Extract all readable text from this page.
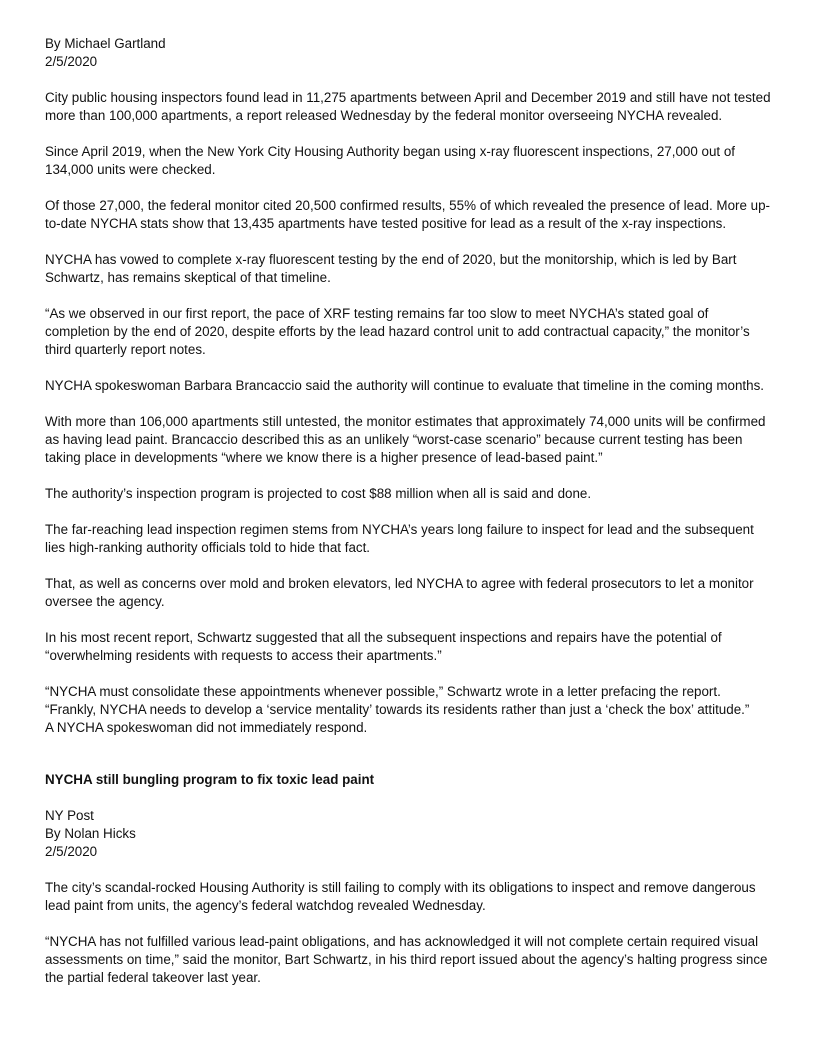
By Michael Gartland
2/5/2020

City public housing inspectors found lead in 11,275 apartments between April and December 2019 and still have not tested more than 100,000 apartments, a report released Wednesday by the federal monitor overseeing NYCHA revealed.

Since April 2019, when the New York City Housing Authority began using x-ray fluorescent inspections, 27,000 out of 134,000 units were checked.

Of those 27,000, the federal monitor cited 20,500 confirmed results, 55% of which revealed the presence of lead. More up-to-date NYCHA stats show that 13,435 apartments have tested positive for lead as a result of the x-ray inspections.

NYCHA has vowed to complete x-ray fluorescent testing by the end of 2020, but the monitorship, which is led by Bart Schwartz, has remains skeptical of that timeline.

“As we observed in our first report, the pace of XRF testing remains far too slow to meet NYCHA’s stated goal of completion by the end of 2020, despite efforts by the lead hazard control unit to add contractual capacity,” the monitor’s third quarterly report notes.

NYCHA spokeswoman Barbara Brancaccio said the authority will continue to evaluate that timeline in the coming months.

With more than 106,000 apartments still untested, the monitor estimates that approximately 74,000 units will be confirmed as having lead paint. Brancaccio described this as an unlikely “worst-case scenario” because current testing has been taking place in developments “where we know there is a higher presence of lead-based paint.”

The authority’s inspection program is projected to cost $88 million when all is said and done.

The far-reaching lead inspection regimen stems from NYCHA’s years long failure to inspect for lead and the subsequent lies high-ranking authority officials told to hide that fact.

That, as well as concerns over mold and broken elevators, led NYCHA to agree with federal prosecutors to let a monitor oversee the agency.

In his most recent report, Schwartz suggested that all the subsequent inspections and repairs have the potential of “overwhelming residents with requests to access their apartments.”

“NYCHA must consolidate these appointments whenever possible,” Schwartz wrote in a letter prefacing the report.
“Frankly, NYCHA needs to develop a ‘service mentality’ towards its residents rather than just a ‘check the box’ attitude.”
A NYCHA spokeswoman did not immediately respond.

NYCHA still bungling program to fix toxic lead paint

NY Post
By Nolan Hicks
2/5/2020

The city’s scandal-rocked Housing Authority is still failing to comply with its obligations to inspect and remove dangerous lead paint from units, the agency’s federal watchdog revealed Wednesday.

“NYCHA has not fulfilled various lead-paint obligations, and has acknowledged it will not complete certain required visual assessments on time,” said the monitor, Bart Schwartz, in his third report issued about the agency’s halting progress since the partial federal takeover last year.
